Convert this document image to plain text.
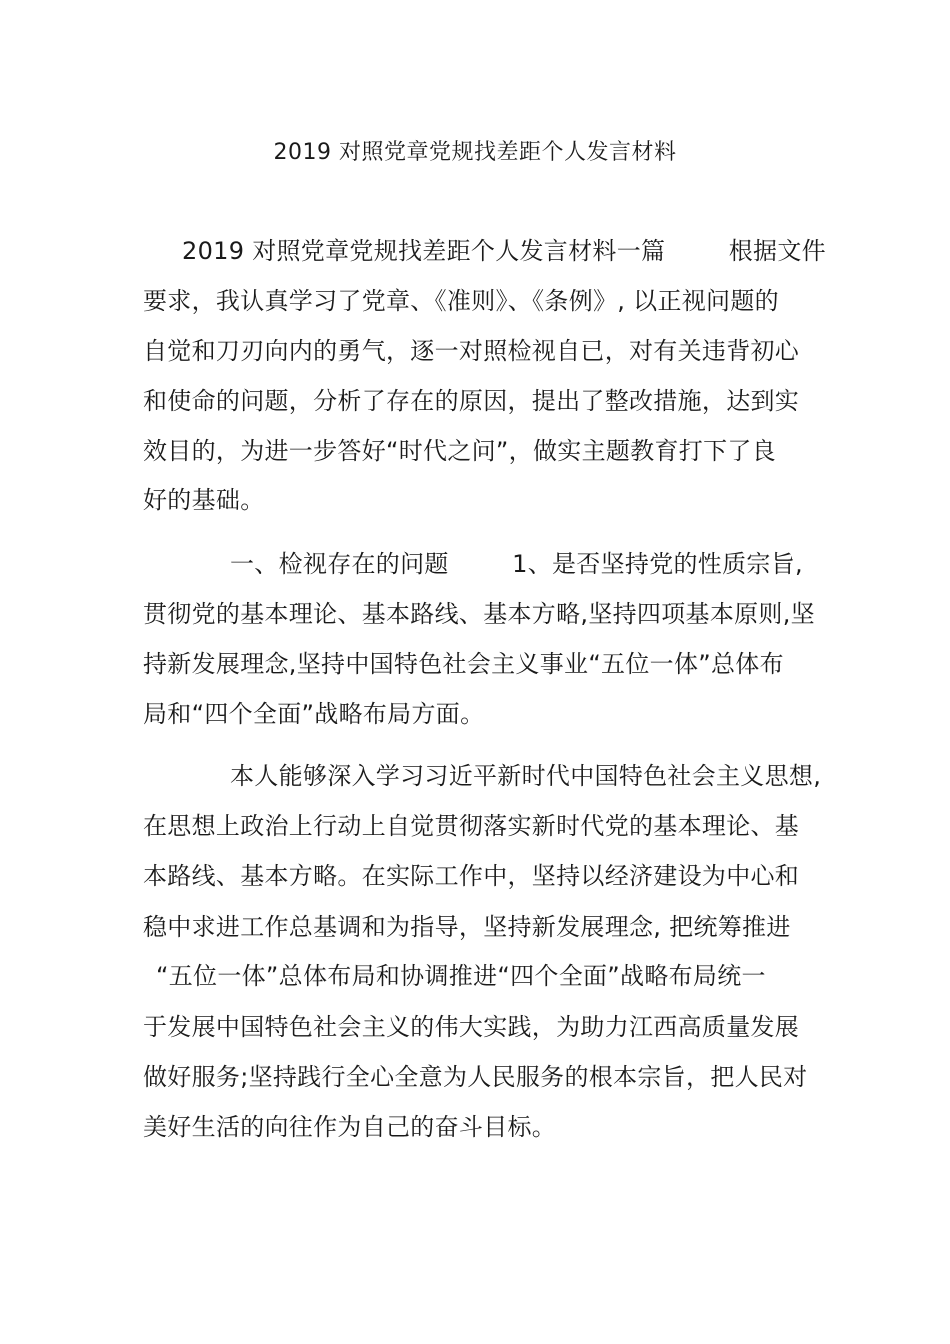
2019 对照党章党规找差距个人发言材料
2019 对照党章党规找差距个人发言材料一篇        根据文件
要求，我认真学习了党章、《准则》、《条例》, 以正视问题的
自觉和刀刃向内的勇气，逐一对照检视自已，对有关违背初心
和使命的问题，分析了存在的原因，提出了整改措施，达到实
效目的，为进一步答好“时代之问”，做实主题教育打下了良
好的基础。
一、检视存在的问题        1、是否坚持党的性质宗旨,
贯彻党的基本理论、基本路线、基本方略,坚持四项基本原则,坚
持新发展理念,坚持中国特色社会主义事业“五位一体”总体布
局和“四个全面”战略布局方面。
本人能够深入学习习近平新时代中国特色社会主义思想,
在思想上政治上行动上自觉贯彻落实新时代党的基本理论、基
本路线、基本方略。在实际工作中，坚持以经济建设为中心和
稳中求进工作总基调和为指导，坚持新发展理念, 把统筹推进
“五位一体”总体布局和协调推进“四个全面”战略布局统一
于发展中国特色社会主义的伟大实践，为助力江西高质量发展
做好服务;坚持践行全心全意为人民服务的根本宗旨，把人民对
美好生活的向往作为自己的奋斗目标。
